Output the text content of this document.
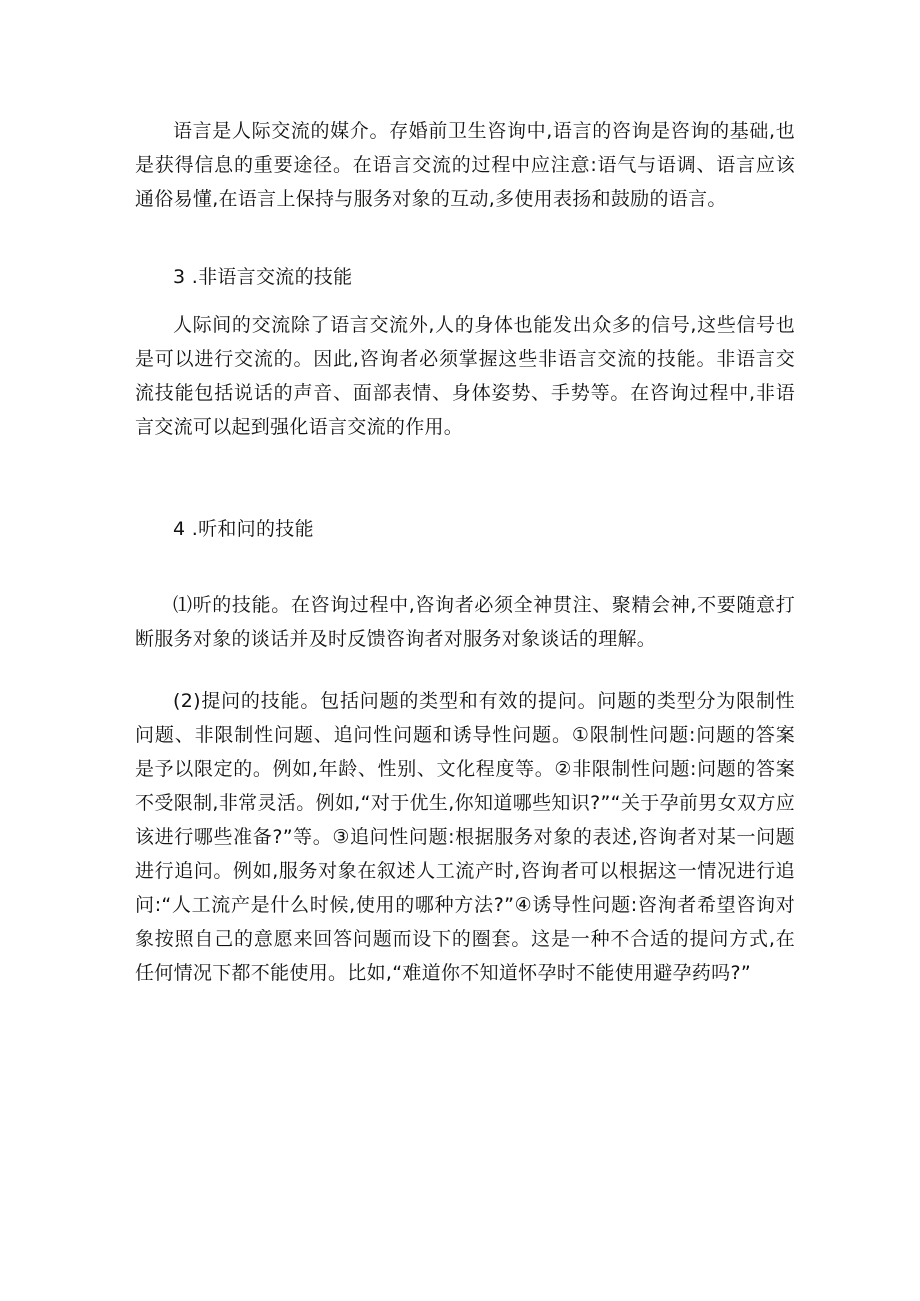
语言是人际交流的媒介。存婚前卫生咨询中,语言的咨询是咨询的基础,也是获得信息的重要途径。在语言交流的过程中应注意:语气与语调、语言应该通俗易懂,在语言上保持与服务对象的互动,多使用表扬和鼓励的语言。

3 .非语言交流的技能

人际间的交流除了语言交流外,人的身体也能发出众多的信号,这些信号也是可以进行交流的。因此,咨询者必须掌握这些非语言交流的技能。非语言交流技能包括说话的声音、面部表情、身体姿势、手势等。在咨询过程中,非语言交流可以起到强化语言交流的作用。

4 .听和问的技能

⑴听的技能。在咨询过程中,咨询者必须全神贯注、聚精会神,不要随意打断服务对象的谈话并及时反馈咨询者对服务对象谈话的理解。

(2)提问的技能。包括问题的类型和有效的提问。问题的类型分为限制性问题、非限制性问题、追问性问题和诱导性问题。①限制性问题:问题的答案是予以限定的。例如,年龄、性别、文化程度等。②非限制性问题:问题的答案不受限制,非常灵活。例如,“对于优生,你知道哪些知识?”“关于孕前男女双方应该进行哪些准备?”等。③追问性问题:根据服务对象的表述,咨询者对某一问题进行追问。例如,服务对象在叙述人工流产时,咨询者可以根据这一情况进行追问:“人工流产是什么时候,使用的哪种方法?”④诱导性问题:咨洵者希望咨询对象按照自己的意愿来回答问题而设下的圈套。这是一种不合适的提问方式,在任何情况下都不能使用。比如,“难道你不知道怀孕时不能使用避孕药吗?”
